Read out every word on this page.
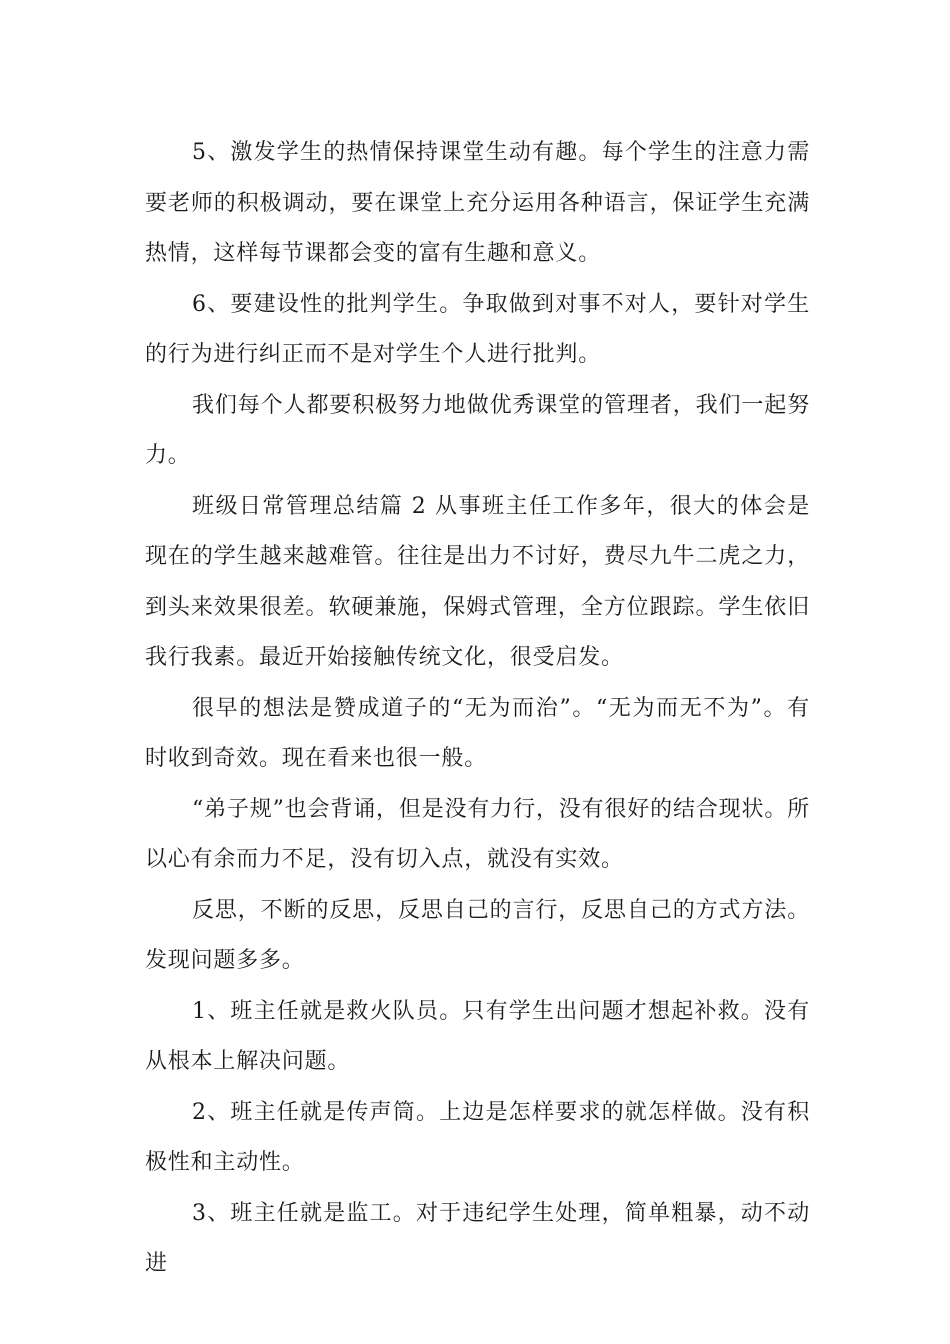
5、激发学生的热情保持课堂生动有趣。每个学生的注意力需要老师的积极调动，要在课堂上充分运用各种语言，保证学生充满热情，这样每节课都会变的富有生趣和意义。

6、要建设性的批判学生。争取做到对事不对人，要针对学生的行为进行纠正而不是对学生个人进行批判。

我们每个人都要积极努力地做优秀课堂的管理者，我们一起努力。

班级日常管理总结篇 2 从事班主任工作多年，很大的体会是现在的学生越来越难管。往往是出力不讨好，费尽九牛二虎之力，到头来效果很差。软硬兼施，保姆式管理，全方位跟踪。学生依旧我行我素。最近开始接触传统文化，很受启发。

很早的想法是赞成道子的“无为而治”。“无为而无不为”。有时收到奇效。现在看来也很一般。

“弟子规”也会背诵，但是没有力行，没有很好的结合现状。所以心有余而力不足，没有切入点，就没有实效。

反思，不断的反思，反思自己的言行，反思自己的方式方法。发现问题多多。

1、班主任就是救火队员。只有学生出问题才想起补救。没有从根本上解决问题。

2、班主任就是传声筒。上边是怎样要求的就怎样做。没有积极性和主动性。

3、班主任就是监工。对于违纪学生处理，简单粗暴，动不动进
